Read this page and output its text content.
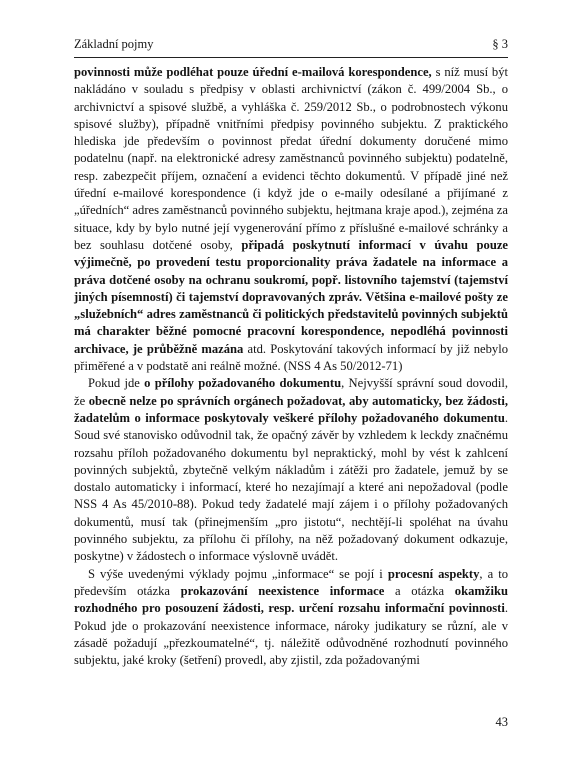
Základní pojmy	§ 3

povinnosti může podléhat pouze úřední e-mailová korespondence, s níž musí být nakládáno v souladu s předpisy v oblasti archivnictví (zákon č. 499/2004 Sb., o archivnictví a spisové službě, a vyhláška č. 259/2012 Sb., o podrobnostech výkonu spisové služby), případně vnitřními předpisy povinného subjektu. Z praktického hlediska jde především o povinnost předat úřední dokumenty doručené mimo podatelnu (např. na elektronické adresy zaměstnanců povinného subjektu) podatelně, resp. zabezpečit příjem, označení a evidenci těchto dokumentů. V případě jiné než úřední e-mailové korespondence (i když jde o e-maily odesílané a přijímané z „úředních“ adres zaměstnanců povinného subjektu, hejtmana kraje apod.), zejména za situace, kdy by bylo nutné její vygenerování přímo z příslušné e-mailové schránky a bez souhlasu dotčené osoby, připadá poskytnutí informací v úvahu pouze výjimečně, po provedení testu proporcionality práva žadatele na informace a práva dotčené osoby na ochranu soukromí, popř. listovního tajemství (tajemství jiných písemností) či tajemství dopravovaných zpráv. Většina e-mailové pošty ze „služebních“ adres zaměstnanců či politických představitelů povinných subjektů má charakter běžné pomocné pracovní korespondence, nepodléhá povinnosti archivace, je průběžně mazána atd. Poskytování takových informací by již nebylo přiměřené a v podstatě ani reálně možné. (NSS 4 As 50/2012-71)

Pokud jde o přílohy požadovaného dokumentu, Nejvyšší správní soud dovodil, že obecně nelze po správních orgánech požadovat, aby automaticky, bez žádosti, žadatelům o informace poskytovaly veškeré přílohy požadovaného dokumentu. Soud své stanovisko odůvodnil tak, že opačný závěr by vzhledem k leckdy značnému rozsahu příloh požadovaného dokumentu byl nepraktický, mohl by vést k zahlcení povinných subjektů, zbytečně velkým nákladům i zátěži pro žadatele, jemuž by se dostalo automaticky i informací, které ho nezajímají a které ani nepožadoval (podle NSS 4 As 45/2010-88). Pokud tedy žadatelé mají zájem i o přílohy požadovaných dokumentů, musí tak (přinejmenším „pro jistotu“, nechtějí-li spoléhat na úvahu povinného subjektu, za přílohu či přílohy, na něž požadovaný dokument odkazuje, poskytne) v žádostech o informace výslovně uvádět.

S výše uvedenými výklady pojmu „informace“ se pojí i procesní aspekty, a to především otázka prokazování neexistence informace a otázka okamžiku rozhodného pro posouzení žádosti, resp. určení rozsahu informační povinnosti. Pokud jde o prokazování neexistence informace, nároky judikatury se různí, ale v zásadě požadují „přezkoumatelné“, tj. náležitě odůvodněné rozhodnutí povinného subjektu, jaké kroky (šetření) provedl, aby zjistil, zda požadovanými

43
